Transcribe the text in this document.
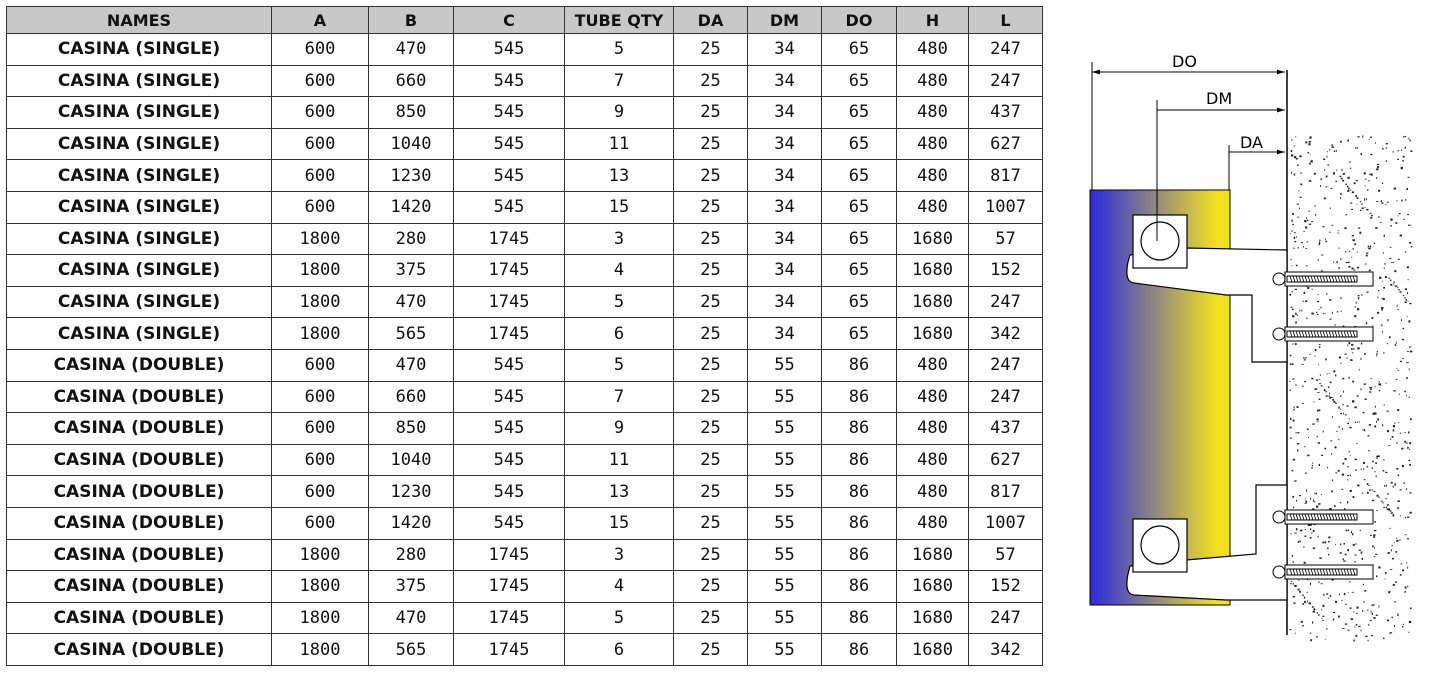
NAMES	A	B	C	TUBE QTY	DA	DM	DO	H	L
CASINA (SINGLE)	600	470	545	5	25	34	65	480	247
CASINA (SINGLE)	600	660	545	7	25	34	65	480	247
CASINA (SINGLE)	600	850	545	9	25	34	65	480	437
CASINA (SINGLE)	600	1040	545	11	25	34	65	480	627
CASINA (SINGLE)	600	1230	545	13	25	34	65	480	817
CASINA (SINGLE)	600	1420	545	15	25	34	65	480	1007
CASINA (SINGLE)	1800	280	1745	3	25	34	65	1680	57
CASINA (SINGLE)	1800	375	1745	4	25	34	65	1680	152
CASINA (SINGLE)	1800	470	1745	5	25	34	65	1680	247
CASINA (SINGLE)	1800	565	1745	6	25	34	65	1680	342
CASINA (DOUBLE)	600	470	545	5	25	55	86	480	247
CASINA (DOUBLE)	600	660	545	7	25	55	86	480	247
CASINA (DOUBLE)	600	850	545	9	25	55	86	480	437
CASINA (DOUBLE)	600	1040	545	11	25	55	86	480	627
CASINA (DOUBLE)	600	1230	545	13	25	55	86	480	817
CASINA (DOUBLE)	600	1420	545	15	25	55	86	480	1007
CASINA (DOUBLE)	1800	280	1745	3	25	55	86	1680	57
CASINA (DOUBLE)	1800	375	1745	4	25	55	86	1680	152
CASINA (DOUBLE)	1800	470	1745	5	25	55	86	1680	247
CASINA (DOUBLE)	1800	565	1745	6	25	55	86	1680	342
DO
DM
DA
